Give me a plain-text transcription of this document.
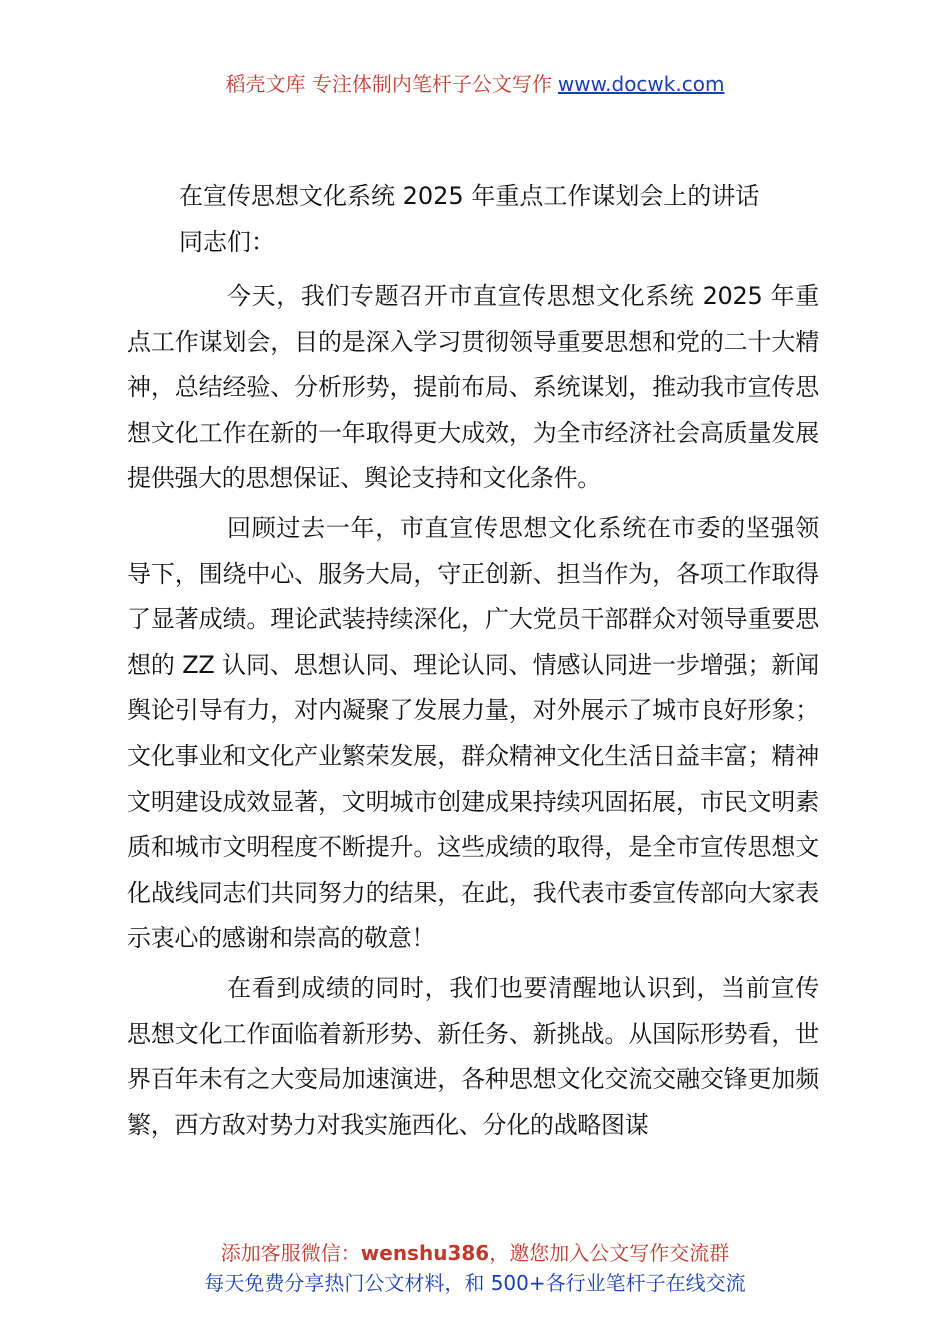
稻壳文库 专注体制内笔杆子公文写作 www.docwk.com
在宣传思想文化系统 2025 年重点工作谋划会上的讲话
同志们：

今天，我们专题召开市直宣传思想文化系统 2025 年重点工作谋划会，目的是深入学习贯彻领导重要思想和党的二十大精神，总结经验、分析形势，提前布局、系统谋划，推动我市宣传思想文化工作在新的一年取得更大成效，为全市经济社会高质量发展提供强大的思想保证、舆论支持和文化条件。

回顾过去一年，市直宣传思想文化系统在市委的坚强领导下，围绕中心、服务大局，守正创新、担当作为，各项工作取得了显著成绩。理论武装持续深化，广大党员干部群众对领导重要思想的 ZZ 认同、思想认同、理论认同、情感认同进一步增强；新闻舆论引导有力，对内凝聚了发展力量，对外展示了城市良好形象；文化事业和文化产业繁荣发展，群众精神文化生活日益丰富；精神文明建设成效显著，文明城市创建成果持续巩固拓展，市民文明素质和城市文明程度不断提升。这些成绩的取得，是全市宣传思想文化战线同志们共同努力的结果，在此，我代表市委宣传部向大家表示衷心的感谢和崇高的敬意！

在看到成绩的同时，我们也要清醒地认识到，当前宣传思想文化工作面临着新形势、新任务、新挑战。从国际形势看，世界百年未有之大变局加速演进，各种思想文化交流交融交锋更加频繁，西方敌对势力对我实施西化、分化的战略图谋

添加客服微信：wenshu386，邀您加入公文写作交流群
每天免费分享热门公文材料，和 500+各行业笔杆子在线交流
